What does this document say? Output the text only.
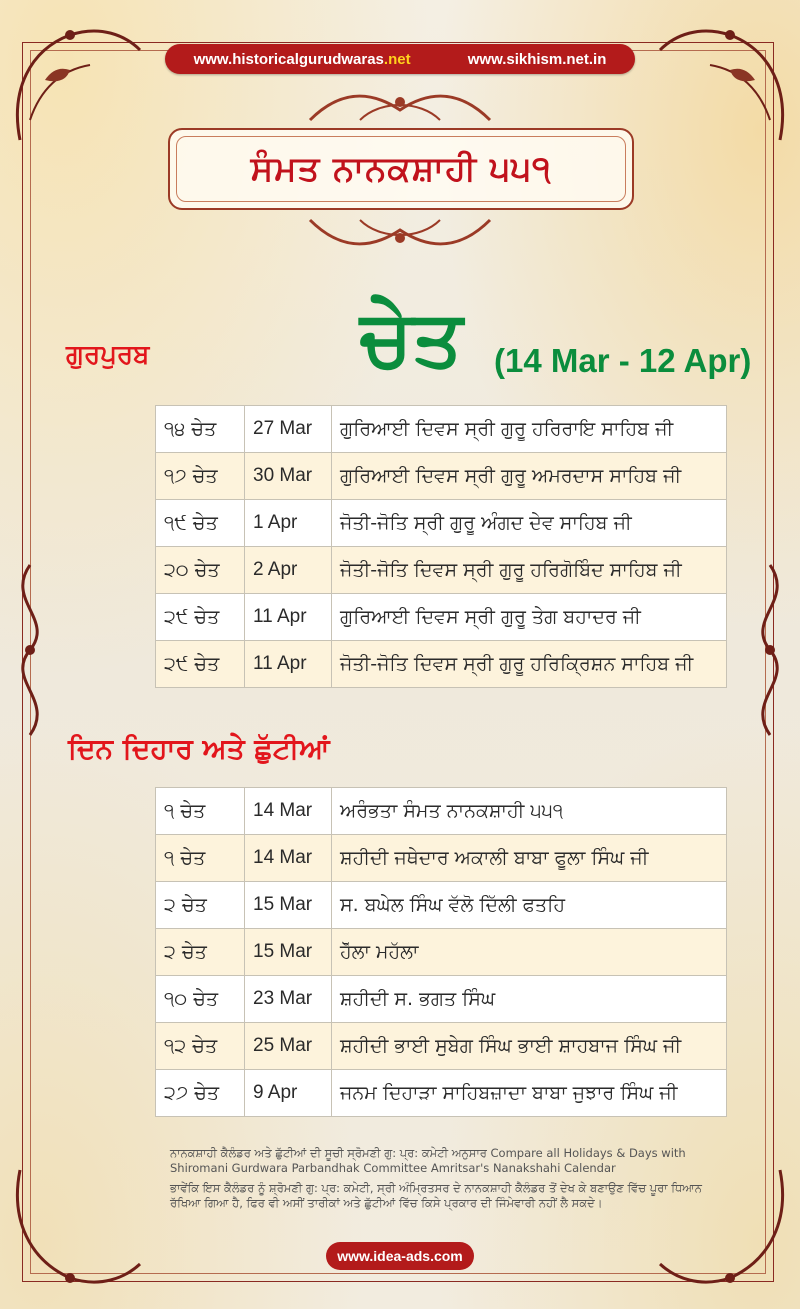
www.historicalgurudwaras.net	www.sikhism.net.in
ਸੰਮਤ ਨਾਨਕਸ਼ਾਹੀ ੫੫੧
ਗੁਰਪੁਰਬ	ਚੇਤ (14 Mar - 12 Apr)
੧੪ ਚੇਤ	27 Mar	ਗੁਰਿਆਈ ਦਿਵਸ ਸ੍ਰੀ ਗੁਰੂ ਹਰਿਰਾਇ ਸਾਹਿਬ ਜੀ
੧੭ ਚੇਤ	30 Mar	ਗੁਰਿਆਈ ਦਿਵਸ ਸ੍ਰੀ ਗੁਰੂ ਅਮਰਦਾਸ ਸਾਹਿਬ ਜੀ
੧੯ ਚੇਤ	1 Apr	ਜੋਤੀ-ਜੋਤਿ ਸ੍ਰੀ ਗੁਰੂ ਅੰਗਦ ਦੇਵ ਸਾਹਿਬ ਜੀ
੨੦ ਚੇਤ	2 Apr	ਜੋਤੀ-ਜੋਤਿ ਦਿਵਸ ਸ੍ਰੀ ਗੁਰੂ ਹਰਿਗੋਬਿੰਦ ਸਾਹਿਬ ਜੀ
੨੯ ਚੇਤ	11 Apr	ਗੁਰਿਆਈ ਦਿਵਸ ਸ੍ਰੀ ਗੁਰੂ ਤੇਗ ਬਹਾਦਰ ਜੀ
੨੯ ਚੇਤ	11 Apr	ਜੋਤੀ-ਜੋਤਿ ਦਿਵਸ ਸ੍ਰੀ ਗੁਰੂ ਹਰਿਕ੍ਰਿਸ਼ਨ ਸਾਹਿਬ ਜੀ
ਦਿਨ ਦਿਹਾਰ ਅਤੇ ਛੁੱਟੀਆਂ
੧ ਚੇਤ	14 Mar	ਅਰੰਭਤਾ ਸੰਮਤ ਨਾਨਕਸ਼ਾਹੀ ੫੫੧
੧ ਚੇਤ	14 Mar	ਸ਼ਹੀਦੀ ਜਥੇਦਾਰ ਅਕਾਲੀ ਬਾਬਾ ਫੂਲਾ ਸਿੰਘ ਜੀ
੨ ਚੇਤ	15 Mar	ਸ. ਬਘੇਲ ਸਿੰਘ ਵੱਲੋ ਦਿੱਲੀ ਫਤਹਿ
੨ ਚੇਤ	15 Mar	ਹੋੱਲਾ ਮਹੱਲਾ
੧੦ ਚੇਤ	23 Mar	ਸ਼ਹੀਦੀ ਸ. ਭਗਤ ਸਿੰਘ
੧੨ ਚੇਤ	25 Mar	ਸ਼ਹੀਦੀ ਭਾਈ ਸੁਬੇਗ ਸਿੰਘ ਭਾਈ ਸ਼ਾਹਬਾਜ ਸਿੰਘ ਜੀ
੨੭ ਚੇਤ	9 Apr	ਜਨਮ ਦਿਹਾੜਾ ਸਾਹਿਬਜ਼ਾਦਾ ਬਾਬਾ ਜੁਝਾਰ ਸਿੰਘ ਜੀ

ਨਾਨਕਸ਼ਾਹੀ ਕੈਲੰਡਰ ਅਤੇ ਛੁੱਟੀਆਂ ਦੀ ਸੂਚੀ ਸ੍ਰੋਮਣੀ ਗੁ: ਪ੍ਰ: ਕਮੇਟੀ ਅਨੁਸਾਰ Compare all Holidays & Days with Shiromani Gurdwara Parbandhak Committee Amritsar's Nanakshahi Calendar

ਭਾਵੇਂਕਿ ਇਸ ਕੈਲੰਡਰ ਨੂੰ ਸ਼੍ਰੋਮਣੀ ਗੁ: ਪ੍ਰ: ਕਮੇਟੀ, ਸ੍ਰੀ ਅੰਮ੍ਰਿਤਸਰ ਦੇ ਨਾਨਕਸ਼ਾਹੀ ਕੈਲੰਡਰ ਤੋਂ ਦੇਖ ਕੇ ਬਣਾਉਣ ਵਿੱਚ ਪੂਰਾ ਧਿਆਨ ਰੱਖਿਆ ਗਿਆ ਹੈ, ਫਿਰ ਵੀ ਅਸੀਂ ਤਾਰੀਕਾਂ ਅਤੇ ਛੁੱਟੀਆਂ ਵਿੱਚ ਕਿਸੇ ਪ੍ਰਕਾਰ ਦੀ ਜਿੰਮੇਵਾਰੀ ਨਹੀਂ ਲੈ ਸਕਦੇ।

www.idea-ads.com
